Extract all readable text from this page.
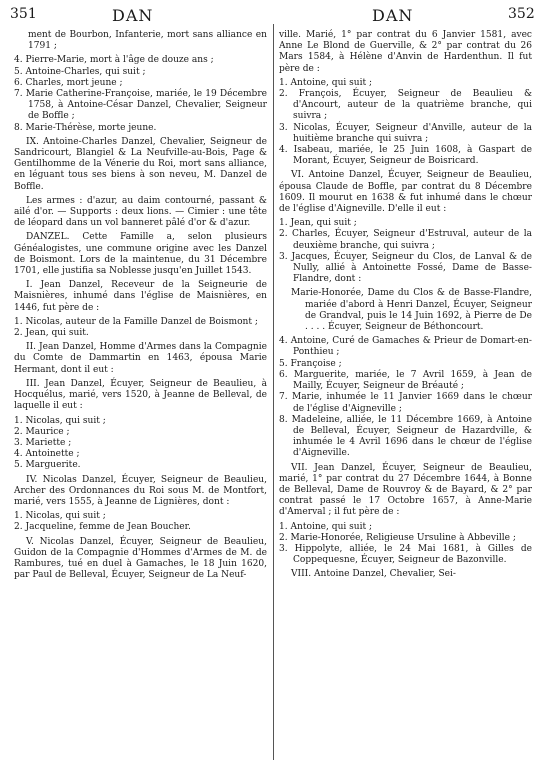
351	DAN	DAN	352

ment de Bourbon, Infanterie, mort sans alliance en 1791 ;

4. Pierre-Marie, mort à l'âge de douze ans ;
5. Antoine-Charles, qui suit ;
6. Charles, mort jeune ;
7. Marie Catherine-Françoise, mariée, le 19 Décembre 1758, à Antoine-César Danzel, Chevalier, Seigneur de Boffle ;
8. Marie-Thérèse, morte jeune.

IX. Antoine-Charles Danzel, Chevalier, Seigneur de Sandricourt, Blangiel & La Neufville-au-Bois, Page & Gentilhomme de la Vénerie du Roi, mort sans alliance, en léguant tous ses biens à son neveu, M. Danzel de Boffle.

Les armes : d'azur, au daim contourné, passant & ailé d'or. — Supports : deux lions. — Cimier : une tête de léopard dans un vol banneret pâlé d'or & d'azur.

DANZEL. Cette Famille a, selon plusieurs Généalogistes, une commune origine avec les Danzel de Boismont. Lors de la maintenue, du 31 Décembre 1701, elle justifia sa Noblesse jusqu'en Juillet 1543.

I. Jean Danzel, Receveur de la Seigneurie de Maisnières, inhumé dans l'église de Maisnières, en 1446, fut père de :

1. Nicolas, auteur de la Famille Danzel de Boismont ;
2. Jean, qui suit.

II. Jean Danzel, Homme d'Armes dans la Compagnie du Comte de Dammartin en 1463, épousa Marie Hermant, dont il eut :

III. Jean Danzel, Écuyer, Seigneur de Beaulieu, à Hocquélus, marié, vers 1520, à Jeanne de Belleval, de laquelle il eut :

1. Nicolas, qui suit ;
2. Maurice ;
3. Mariette ;
4. Antoinette ;
5. Marguerite.

IV. Nicolas Danzel, Écuyer, Seigneur de Beaulieu, Archer des Ordonnances du Roi sous M. de Montfort, marié, vers 1555, à Jeanne de Lignières, dont :

1. Nicolas, qui suit ;
2. Jacqueline, femme de Jean Boucher.

V. Nicolas Danzel, Écuyer, Seigneur de Beaulieu, Guidon de la Compagnie d'Hommes d'Armes de M. de Rambures, tué en duel à Gamaches, le 18 Juin 1620, par Paul de Belleval, Écuyer, Seigneur de La Neuf-

ville. Marié, 1° par contrat du 6 Janvier 1581, avec Anne Le Blond de Guerville, & 2° par contrat du 26 Mars 1584, à Hélène d'Anvin de Hardenthun. Il fut père de :

1. Antoine, qui suit ;
2. François, Écuyer, Seigneur de Beaulieu & d'Ancourt, auteur de la quatrième branche, qui suivra ;
3. Nicolas, Écuyer, Seigneur d'Anville, auteur de la huitième branche qui suivra ;
4. Isabeau, mariée, le 25 Juin 1608, à Gaspart de Morant, Écuyer, Seigneur de Boisricard.

VI. Antoine Danzel, Écuyer, Seigneur de Beaulieu, épousa Claude de Boffle, par contrat du 8 Décembre 1609. Il mourut en 1638 & fut inhumé dans le chœur de l'église d'Aigneville. D'elle il eut :

1. Jean, qui suit ;
2. Charles, Écuyer, Seigneur d'Estruval, auteur de la deuxième branche, qui suivra ;
3. Jacques, Écuyer, Seigneur du Clos, de Lanval & de Nully, allié à Antoinette Fossé, Dame de Basse-Flandre, dont :

Marie-Honorée, Dame du Clos & de Basse-Flandre, mariée d'abord à Henri Danzel, Écuyer, Seigneur de Grandval, puis le 14 Juin 1692, à Pierre de De . . . . Écuyer, Seigneur de Béthoncourt.

4. Antoine, Curé de Gamaches & Prieur de Domart-en-Ponthieu ;
5. Françoise ;
6. Marguerite, mariée, le 7 Avril 1659, à Jean de Mailly, Écuyer, Seigneur de Bréauté ;
7. Marie, inhumée le 11 Janvier 1669 dans le chœur de l'église d'Aigneville ;
8. Madeleine, alliée, le 11 Décembre 1669, à Antoine de Belleval, Écuyer, Seigneur de Hazardville, & inhumée le 4 Avril 1696 dans le chœur de l'église d'Aigneville.

VII. Jean Danzel, Écuyer, Seigneur de Beaulieu, marié, 1° par contrat du 27 Décembre 1644, à Bonne de Belleval, Dame de Rouvroy & de Bayard, & 2° par contrat passé le 17 Octobre 1657, à Anne-Marie d'Amerval ; il fut père de :

1. Antoine, qui suit ;
2. Marie-Honorée, Religieuse Ursuline à Abbeville ;
3. Hippolyte, alliée, le 24 Mai 1681, à Gilles de Coppequesne, Écuyer, Seigneur de Bazonville.

VIII. Antoine Danzel, Chevalier, Sei-
